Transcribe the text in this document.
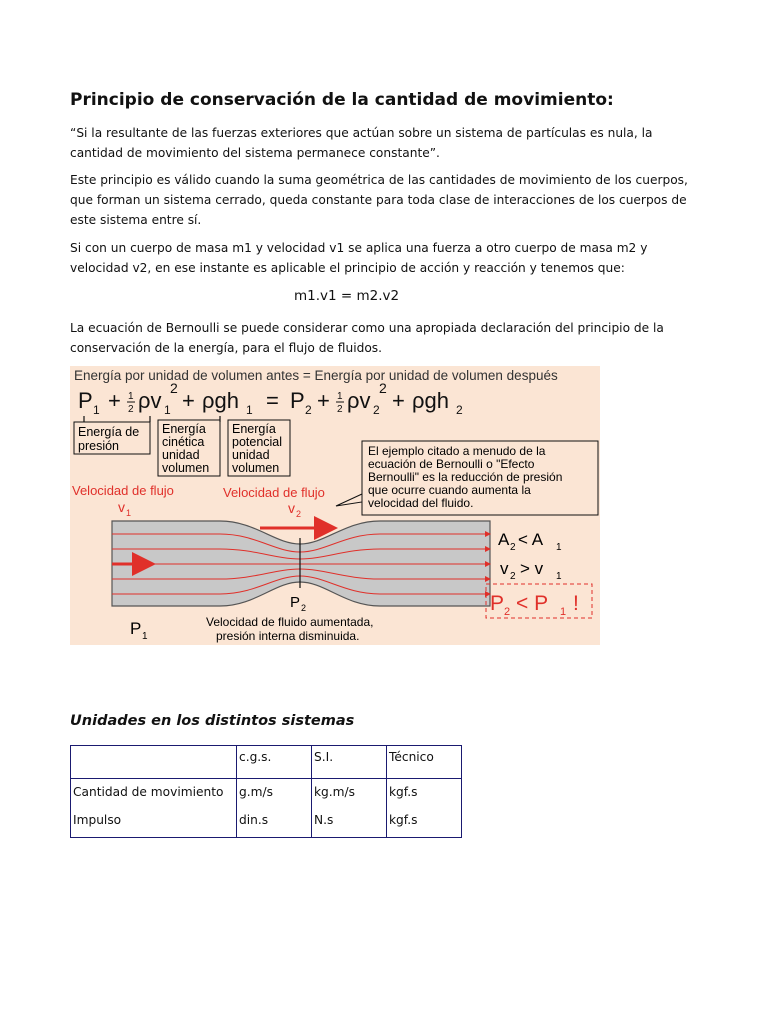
Principio de conservación de la cantidad de movimiento:

“Si la resultante de las fuerzas exteriores que actúan sobre un sistema de partículas es nula, la cantidad de movimiento del sistema permanece constante”.

Este principio es válido cuando la suma geométrica de las cantidades de movimiento de los cuerpos, que forman un sistema cerrado, queda constante para toda clase de interacciones de los cuerpos de este sistema entre sí.

Si con un cuerpo de masa m1 y velocidad v1 se aplica una fuerza a otro cuerpo de masa m2 y velocidad v2, en ese instante es aplicable el principio de acción y reacción y tenemos que:

m1.v1 = m2.v2

La ecuación de Bernoulli se puede considerar como una apropiada declaración del principio de la conservación de la energía, para el flujo de fluidos.

Energía por unidad de volumen antes = Energía por unidad de volumen después
P 1 + 1
2 ρv 1
2 + ρgh 1 = P 2 + 1
2 ρv 2
2 + ρgh 2
Energía de
presión
Energía
cinética
unidad
volumen
Energía
potencial
unidad
volumen
El ejemplo citado a menudo de la
ecuación de Bernoulli o "Efecto
Bernoulli" es la reducción de presión
que ocurre cuando aumenta la
velocidad del fluido.
Velocidad de flujo
v 1
Velocidad de flujo
v 2
P 2
P 1
Velocidad de fluido aumentada,
presión interna disminuida.
A 2 < A 1
v 2 > v 1
P 2 < P 1 !
Unidades en los distintos sistemas
	c.g.s.	S.I.	Técnico
Cantidad de movimiento	g.m/s	kg.m/s	kgf.s
Impulso	din.s	N.s	kgf.s
